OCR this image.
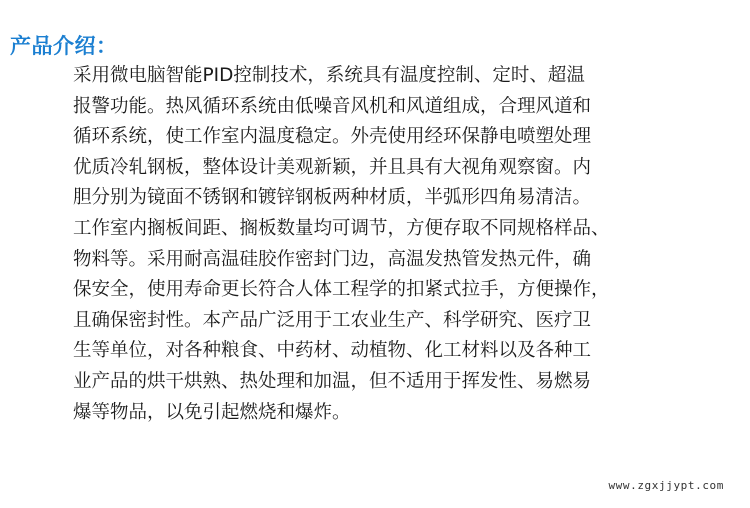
产品介绍：
采用微电脑智能PID控制技术，系统具有温度控制、定时、超温
报警功能。热风循环系统由低噪音风机和风道组成，合理风道和
循环系统，使工作室内温度稳定。外壳使用经环保静电喷塑处理
优质冷轧钢板，整体设计美观新颖，并且具有大视角观察窗。内
胆分别为镜面不锈钢和镀锌钢板两种材质，半弧形四角易清洁。
工作室内搁板间距、搁板数量均可调节，方便存取不同规格样品、
物料等。采用耐高温硅胶作密封门边，高温发热管发热元件，确
保安全，使用寿命更长符合人体工程学的扣紧式拉手，方便操作，
且确保密封性。本产品广泛用于工农业生产、科学研究、医疗卫
生等单位，对各种粮食、中药材、动植物、化工材料以及各种工
业产品的烘干烘熟、热处理和加温，但不适用于挥发性、易燃易
爆等物品，以免引起燃烧和爆炸。
www.zgxjjypt.com
